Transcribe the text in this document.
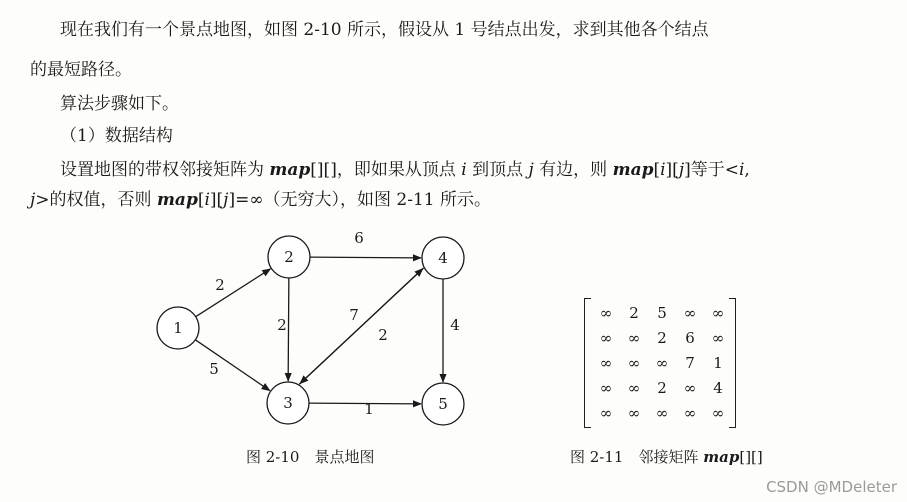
现在我们有一个景点地图，如图 2-10 所示，假设从 1 号结点出发，求到其他各个结点
的最短路径。
算法步骤如下。
（1）数据结构
设置地图的带权邻接矩阵为 map[][]，即如果从顶点 i 到顶点 j 有边，则 map[i][j]等于<i,
j>的权值，否则 map[i][j]=∞（无穷大），如图 2-11 所示。
2
5
2
6
7
2
1
4
1
2
3
4
5
∞	2	5	∞	∞
∞	∞	2	6	∞
∞	∞	∞	7	1
∞	∞	2	∞	4
∞	∞	∞	∞	∞
图 2-10　景点地图	图 2-11　邻接矩阵 map[][]
CSDN @MDeleter
